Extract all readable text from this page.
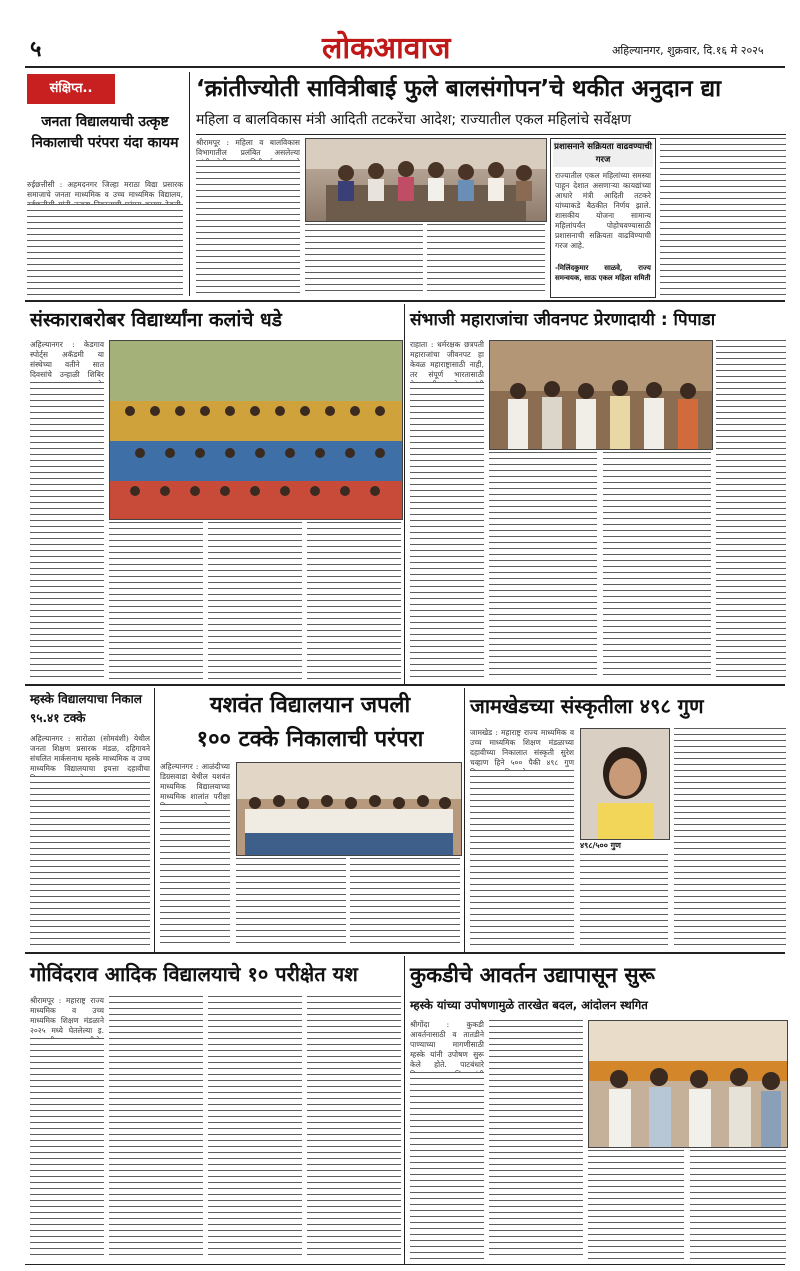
५	लोकआवाज	अहिल्यानगर, शुक्रवार, दि.१६ मे २०२५
संक्षिप्त..
जनता विद्यालयाची उत्कृष्ट निकालाची परंपरा यंदा कायम
रुईछत्तीसी : अहमदनगर जिल्हा मराठा विद्या प्रसारक समाजाचे जनता माध्यमिक व उच्च माध्यमिक विद्यालय,
‘क्रांतीज्योती सावित्रीबाई फुले बालसंगोपन’चे थकीत अनुदान द्या
महिला व बालविकास मंत्री आदिती तटकरेंचा आदेश; राज्यातील एकल महिलांचे सर्वेक्षण
श्रीरामपूर : महिला व बालविकास विभागातील प्रलंबित असलेल्या
प्रशासनाने सक्रियता वाढवण्याची गरज
राज्यातील एकल महिलांच्या समस्या पाहून देशात असणाऱ्या कायद्यांच्या आधारे मंत्री आदिती तटकरे यांच्याकडे बैठकीत निर्णय झाले. शासकीय योजना सामान्य महिलांपर्यंत पोहोचवण्यासाठी प्रशासनाची सक्रियता वाढविण्याची गरज आहे.
-मिलिंदकुमार साळवे, राज्य समन्वयक, साऊ एकल महिला समिती
संस्काराबरोबर विद्यार्थ्यांना कलांचे धडे
अहिल्यानगर : केडगाव स्पोर्ट्स अकॅडमी या संस्थेच्या वतीने सात दिवसांचे उन्हाळी शिबिर
संभाजी महाराजांचा जीवनपट प्रेरणादायी : पिपाडा
राहाता : धर्मरक्षक छत्रपती महाराजांचा जीवनपट हा केवळ महाराष्ट्रासाठी नाही, तर संपूर्ण भारतासाठी
म्हस्के विद्यालयाचा निकाल ९५.४१ टक्के
अहिल्यानगर : सारोळा (सोमवंशी) येथील जनता शिक्षण प्रसारक मंडळ, दहिगावने संचलित मार्कसनाथ म्हस्के माध्यमिक व उच्च माध्यमिक विद्यालयाचा इयत्ता दहावीचा
यशवंत विद्यालयान जपली
१०० टक्के निकालाची परंपरा
अहिल्यानगर : आळंदीच्या डिग्रसवाडा येथील यशवंत माध्यमिक विद्यालयाच्या माध्यमिक शालांत परीक्षा
जामखेडच्या संस्कृतीला ४९८ गुण
जामखेड : महाराष्ट्र राज्य माध्यमिक व उच्च माध्यमिक शिक्षण मंडळाच्या दहावीच्या निकालात संस्कृती सुरेश चव्हाण हिने ५०० पैकी ४९८ गुण
४९८/५०० गुण
गोविंदराव आदिक विद्यालयाचे १० परीक्षेत यश
श्रीरामपूर : महाराष्ट्र राज्य माध्यमिक व उच्च माध्यमिक शिक्षण मंडळाने २०२५ मध्ये घेतलेल्या इ.
कुकडीचे आवर्तन उद्यापासून सुरू
म्हस्के यांच्या उपोषणामुळे तारखेत बदल, आंदोलन स्थगित
श्रीगोंदा : कुकडी आवर्तनासाठी व तातडीने पाण्याच्या मागणीसाठी म्हस्के यांनी उपोषण सुरू केले होते. पाटबंधारे
